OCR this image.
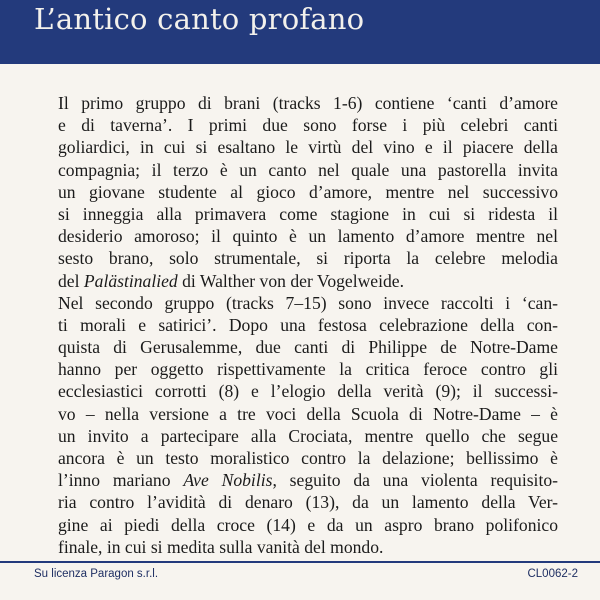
L’antico canto profano
Il primo gruppo di brani (tracks 1-6) contiene ‘canti d’amore
e di taverna’. I primi due sono forse i più celebri canti
goliardici, in cui si esaltano le virtù del vino e il piacere della
compagnia; il terzo è un canto nel quale una pastorella invita
un giovane studente al gioco d’amore, mentre nel successivo
si inneggia alla primavera come stagione in cui si ridesta il
desiderio amoroso; il quinto è un lamento d’amore mentre nel
sesto brano, solo strumentale, si riporta la celebre melodia
del Palästinalied di Walther von der Vogelweide.
Nel secondo gruppo (tracks 7–15) sono invece raccolti i ‘can-
ti morali e satirici’. Dopo una festosa celebrazione della con-
quista di Gerusalemme, due canti di Philippe de Notre-Dame
hanno per oggetto rispettivamente la critica feroce contro gli
ecclesiastici corrotti (8) e l’elogio della verità (9); il successi-
vo – nella versione a tre voci della Scuola di Notre-Dame – è
un invito a partecipare alla Crociata, mentre quello che segue
ancora è un testo moralistico contro la delazione; bellissimo è
l’inno mariano Ave Nobilis, seguito da una violenta requisito-
ria contro l’avidità di denaro (13), da un lamento della Ver-
gine ai piedi della croce (14) e da un aspro brano polifonico
finale, in cui si medita sulla vanità del mondo.
Su licenza Paragon s.r.l.	CL0062-2
